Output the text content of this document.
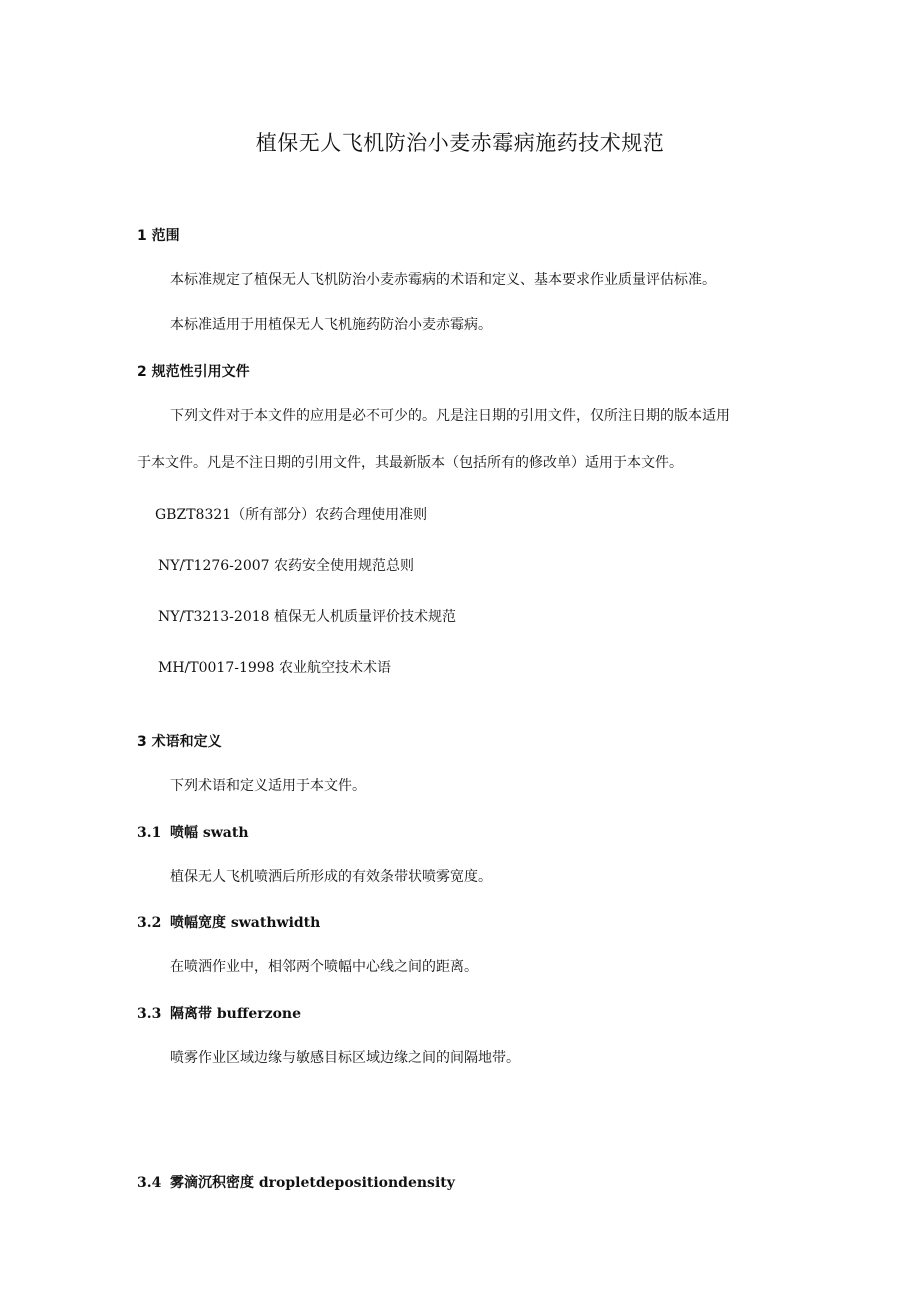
植保无人飞机防治小麦赤霉病施药技术规范
1 范围
本标准规定了植保无人飞机防治小麦赤霉病的术语和定义、基本要求作业质量评估标准。
本标准适用于用植保无人飞机施药防治小麦赤霉病。
2 规范性引用文件
下列文件对于本文件的应用是必不可少的。凡是注日期的引用文件，仅所注日期的版本适用
于本文件。凡是不注日期的引用文件，其最新版本（包括所有的修改单）适用于本文件。
GBZT8321（所有部分）农药合理使用准则
NY/T1276-2007 农药安全使用规范总则
NY/T3213-2018 植保无人机质量评价技术规范
MH/T0017-1998 农业航空技术术语
3 术语和定义
下列术语和定义适用于本文件。
3.1 喷幅 swath
植保无人飞机喷洒后所形成的有效条带状喷雾宽度。
3.2 喷幅宽度 swathwidth
在喷洒作业中，相邻两个喷幅中心线之间的距离。
3.3 隔离带 bufferzone
喷雾作业区域边缘与敏感目标区域边缘之间的间隔地带。
3.4 雾滴沉积密度 dropletdepositiondensity
